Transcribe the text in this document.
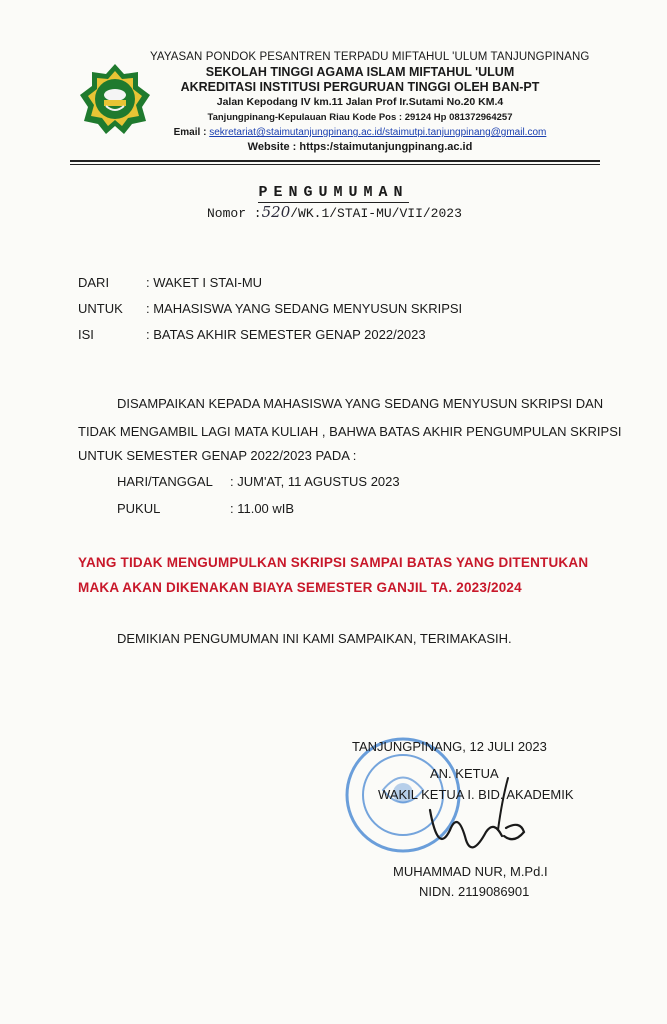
YAYASAN PONDOK PESANTREN TERPADU MIFTAHUL 'ULUM TANJUNGPINANG
SEKOLAH TINGGI AGAMA ISLAM MIFTAHUL 'ULUM
AKREDITASI INSTITUSI PERGURUAN TINGGI OLEH BAN-PT
Jalan Kepodang IV km.11 Jalan Prof Ir.Sutami No.20 KM.4
Tanjungpinang-Kepulauan Riau Kode Pos : 29124 Hp 081372964257
Email : sekretariat@staimutanjungpinang.ac.id/staimutpi.tanjungpinang@gmail.com
Website : https:/staimutanjungpinang.ac.id
PENGUMUMAN
Nomor :520/WK.1/STAI-MU/VII/2023
DARI	: WAKET I STAI-MU
UNTUK : MAHASISWA YANG SEDANG MENYUSUN SKRIPSI
ISI	: BATAS AKHIR SEMESTER GENAP 2022/2023
DISAMPAIKAN KEPADA MAHASISWA YANG SEDANG MENYUSUN SKRIPSI DAN
TIDAK MENGAMBIL LAGI MATA KULIAH , BAHWA BATAS AKHIR PENGUMPULAN SKRIPSI
UNTUK SEMESTER GENAP 2022/2023 PADA :
HARI/TANGGAL : JUM'AT, 11 AGUSTUS 2023
PUKUL	: 11.00 wIB
YANG TIDAK MENGUMPULKAN SKRIPSI SAMPAI BATAS YANG DITENTUKAN
MAKA AKAN DIKENAKAN BIAYA SEMESTER GANJIL TA. 2023/2024
DEMIKIAN PENGUMUMAN INI KAMI SAMPAIKAN, TERIMAKASIH.
TANJUNGPINANG, 12 JULI 2023
AN. KETUA
WAKIL KETUA I. BID. AKADEMIK
MUHAMMAD NUR, M.Pd.I
NIDN. 2119086901
